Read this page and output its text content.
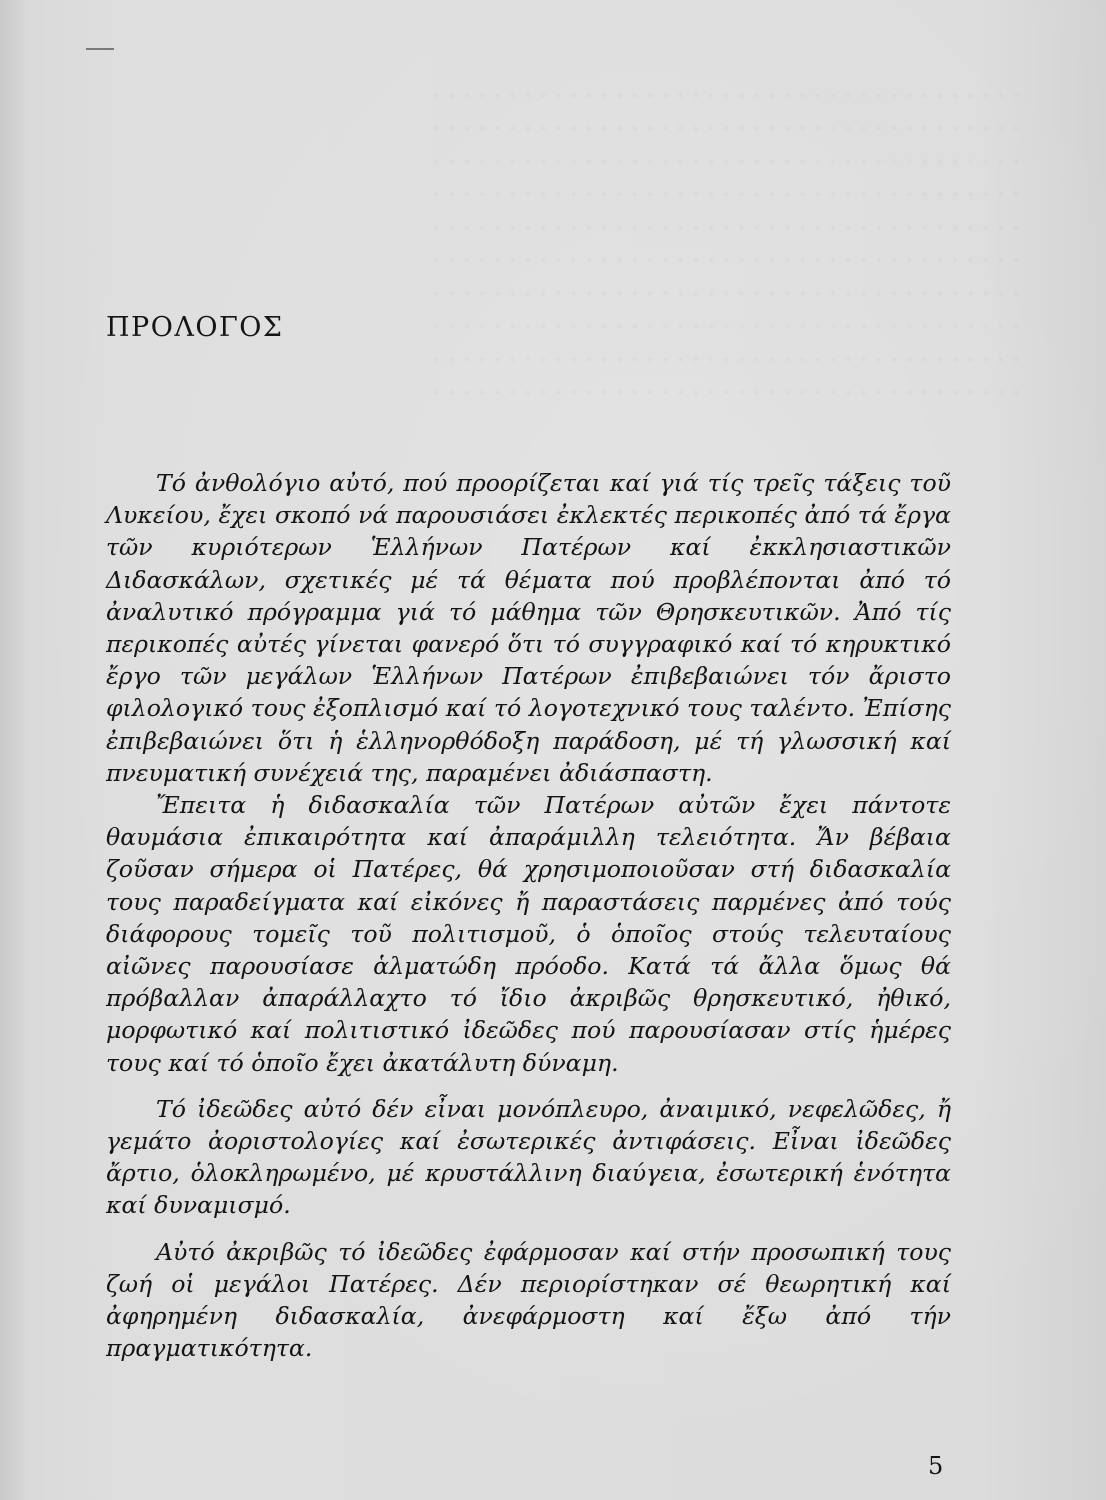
· · · · · · · · · · · · · · · · · · · · · · · · · · · · · · · · · · · · · · ·
· · · · · · · · · · · · · · · · · · · · · · · · · · · · · · · · · · · · · · ·
· · · · · · · · · · · · · · · · · · · · · · · · · · · · · · · · · · · · · · ·
· · · · · · · · · · · · · · · · · · · · · · · · · · · · · · · · · · · · · · ·
· · · · · · · · · · · · · · · · · · · · · · · · · · · · · · · · · · · · · · ·
· · · · · · · · · · · · · · · · · · · · · · · · · · · · · · · · · · · · · · ·
· · · · · · · · · · · · · · · · · · · · · · · · · · · · · · · · · · · · · · ·
· · · · · · · · · · · · · · · · · · · · · · · · · · · · · · · · · · · · · · ·
· · · · · · · · · · · · · · · · · · · · · · · · · · · · · · · · · · · · · · ·
· · · · · · · · · · · · · · · · · · · · · · · · · · · · · · · · · · · · · · ·
ΠΡΟΛΟΓΟΣ

Τό ἀνθολόγιο αὐτό, πού προορίζεται καί γιά τίς τρεῖς τάξεις τοῦ Λυκείου, ἔχει σκοπό νά παρουσιάσει ἐκλεκτές περικοπές ἀπό τά ἔργα τῶν κυριότερων Ἑλλήνων Πατέρων καί ἐκκλησιαστικῶν Διδασκάλων, σχετικές μέ τά θέματα πού προβλέπονται ἀπό τό ἀναλυτικό πρόγραμμα γιά τό μάθημα τῶν Θρησκευτικῶν. Ἀπό τίς περικοπές αὐτές γίνεται φανερό ὅτι τό συγγραφικό καί τό κηρυκτικό ἔργο τῶν μεγάλων Ἑλλήνων Πατέρων ἐπιβεβαιώνει τόν ἄριστο φιλολογικό τους ἐξοπλισμό καί τό λογοτεχνικό τους ταλέντο. Ἐπίσης ἐπιβεβαιώνει ὅτι ἡ ἑλληνορθόδοξη παράδοση, μέ τή γλωσσική καί πνευματική συνέχειά της, παραμένει ἀδιάσπαστη.

Ἔπειτα ἡ διδασκαλία τῶν Πατέρων αὐτῶν ἔχει πάντοτε θαυμάσια ἐπικαιρότητα καί ἀπαράμιλλη τελειότητα. Ἄν βέβαια ζοῦσαν σήμερα οἱ Πατέρες, θά χρησιμοποιοῦσαν στή διδασκαλία τους παραδείγματα καί εἰκόνες ἤ παραστάσεις παρμένες ἀπό τούς διάφορους τομεῖς τοῦ πολιτισμοῦ, ὁ ὁποῖος στούς τελευταίους αἰῶνες παρουσίασε ἁλματώδη πρόοδο. Κατά τά ἄλλα ὅμως θά πρόβαλλαν ἀπαράλλαχτο τό ἴδιο ἀκριβῶς θρησκευτικό, ἠθικό, μορφωτικό καί πολιτιστικό ἰδεῶδες πού παρουσίασαν στίς ἡμέρες τους καί τό ὁποῖο ἔχει ἀκατάλυτη δύναμη.

Τό ἰδεῶδες αὐτό δέν εἶναι μονόπλευρο, ἀναιμικό, νεφελῶδες, ἤ γεμάτο ἀοριστολογίες καί ἐσωτερικές ἀντιφάσεις. Εἶναι ἰδεῶδες ἄρτιο, ὁλοκληρωμένο, μέ κρυστάλλινη διαύγεια, ἐσωτερική ἑνότητα καί δυναμισμό.

Αὐτό ἀκριβῶς τό ἰδεῶδες ἐφάρμοσαν καί στήν προσωπική τους ζωή οἱ μεγάλοι Πατέρες. Δέν περιορίστηκαν σέ θεωρητική καί ἀφηρημένη διδασκαλία, ἀνεφάρμοστη καί ἔξω ἀπό τήν πραγματικότητα.

5
